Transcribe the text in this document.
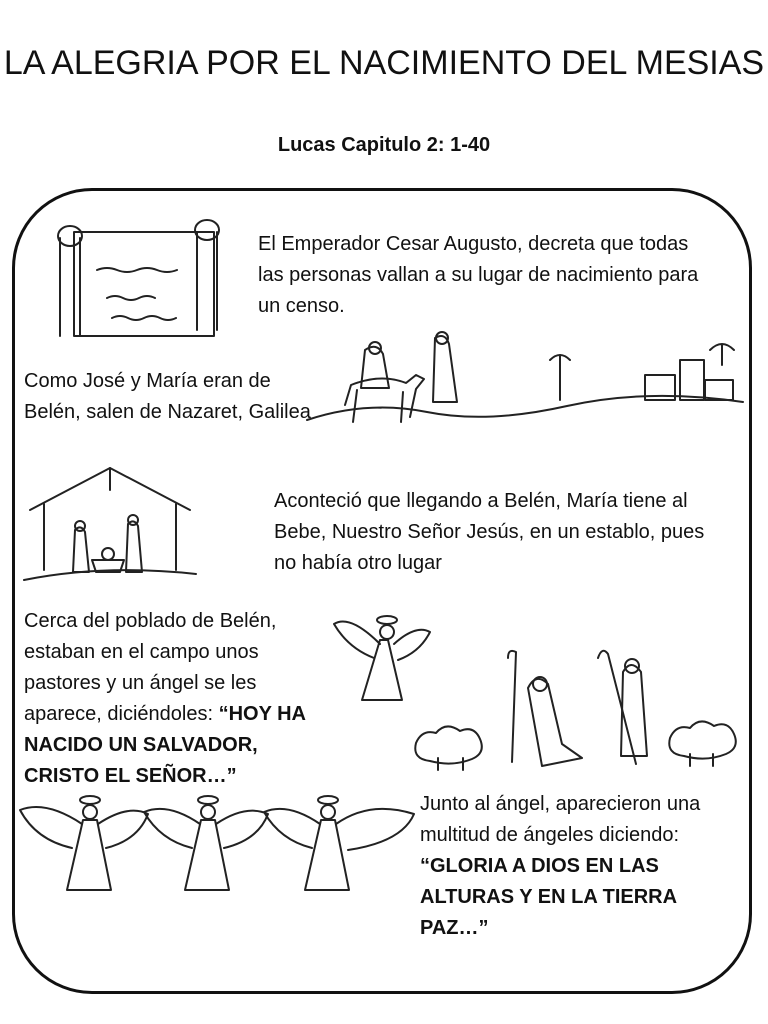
LA ALEGRIA POR EL NACIMIENTO DEL MESIAS
Lucas Capitulo 2: 1-40
El Emperador Cesar Augusto, decreta que todas las personas vallan a su lugar de nacimiento para un censo.
Como José y María eran de Belén, salen de Nazaret, Galilea
Aconteció que llegando a Belén, María tiene al Bebe, Nuestro Señor Jesús, en un establo, pues no había otro lugar
Cerca del poblado de Belén, estaban en el campo unos pastores y un ángel se les aparece, diciéndoles: “HOY HA NACIDO UN SALVADOR, CRISTO EL SEÑOR…”
Junto al ángel, aparecieron una multitud de ángeles diciendo: “GLORIA A DIOS EN LAS ALTURAS Y EN LA TIERRA PAZ…”
